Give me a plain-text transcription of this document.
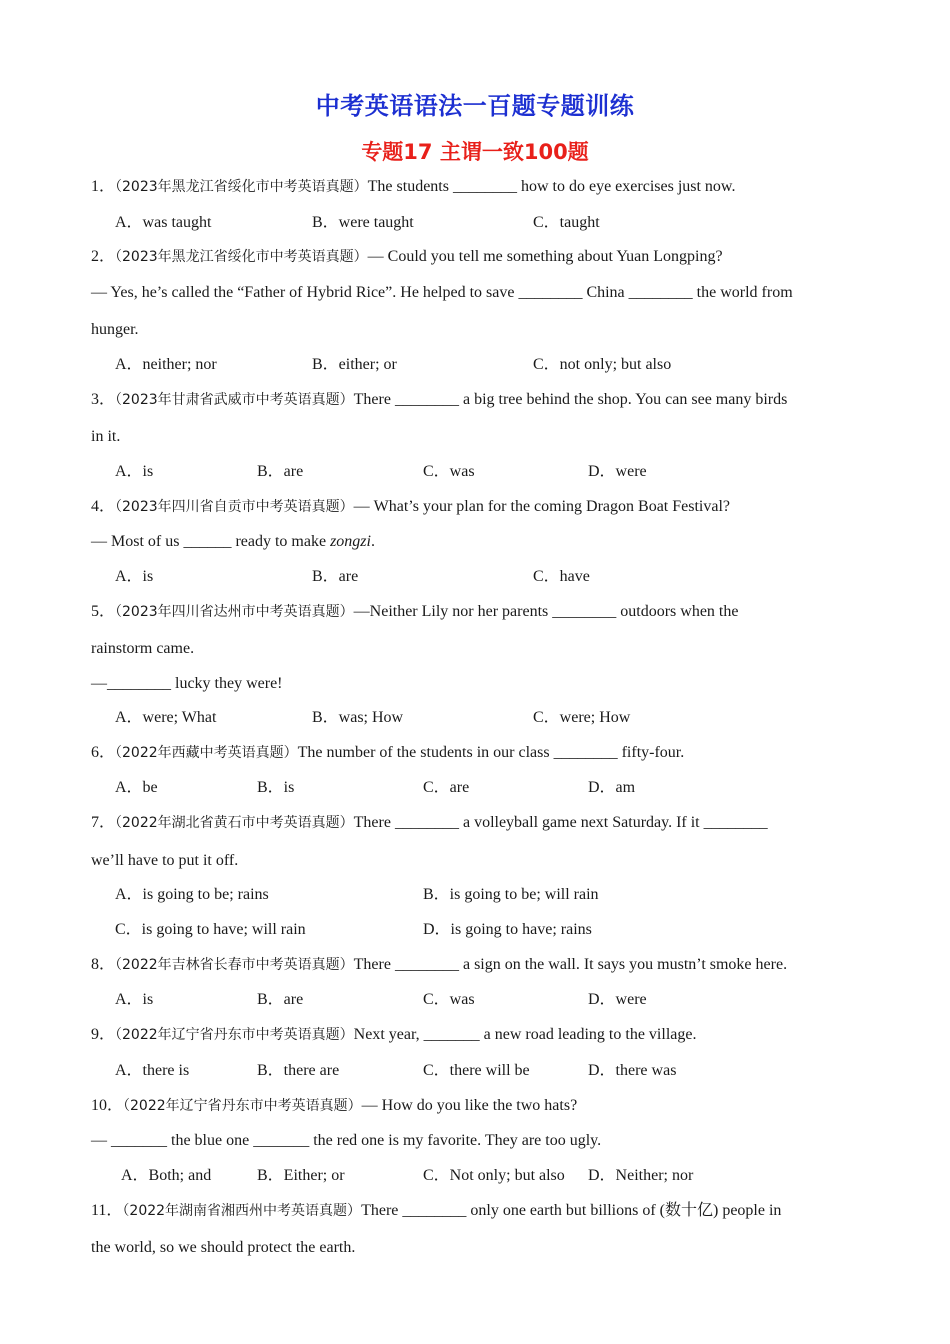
中考英语语法一百题专题训练
专题17 主谓一致100题
1．（2023年黑龙江省绥化市中考英语真题）The students ________ how to do eye exercises just now.
A．was taught	B．were taught	C．taught
2．（2023年黑龙江省绥化市中考英语真题）— Could you tell me something about Yuan Longping?
— Yes, he’s called the “Father of Hybrid Rice”. He helped to save ________ China ________ the world from
hunger.
A．neither; nor	B．either; or	C．not only; but also
3．（2023年甘肃省武威市中考英语真题）There ________ a big tree behind the shop. You can see many birds
in it.
A．is	B．are	C．was	D．were
4．（2023年四川省自贡市中考英语真题）— What’s your plan for the coming Dragon Boat Festival?
— Most of us ______ ready to make zongzi.
A．is	B．are	C．have
5．（2023年四川省达州市中考英语真题）—Neither Lily nor her parents ________ outdoors when the
rainstorm came.
—________ lucky they were!
A．were; What	B．was; How	C．were; How
6．（2022年西藏中考英语真题）The number of the students in our class ________ fifty-four.
A．be	B．is	C．are	D．am
7．（2022年湖北省黄石市中考英语真题）There ________ a volleyball game next Saturday. If it ________
we’ll have to put it off.
A．is going to be; rains	B．is going to be; will rain
C．is going to have; will rain	D．is going to have; rains
8．（2022年吉林省长春市中考英语真题）There ________ a sign on the wall. It says you mustn’t smoke here.
A．is	B．are	C．was	D．were
9．（2022年辽宁省丹东市中考英语真题）Next year, _______ a new road leading to the village.
A．there is	B．there are	C．there will be	D．there was
10．（2022年辽宁省丹东市中考英语真题）— How do you like the two hats?
— _______ the blue one _______ the red one is my favorite. They are too ugly.
A．Both; and	B．Either; or	C．Not only; but also D．Neither; nor
11．（2022年湖南省湘西州中考英语真题）There ________ only one earth but billions of (数十亿) people in
the world, so we should protect the earth.
